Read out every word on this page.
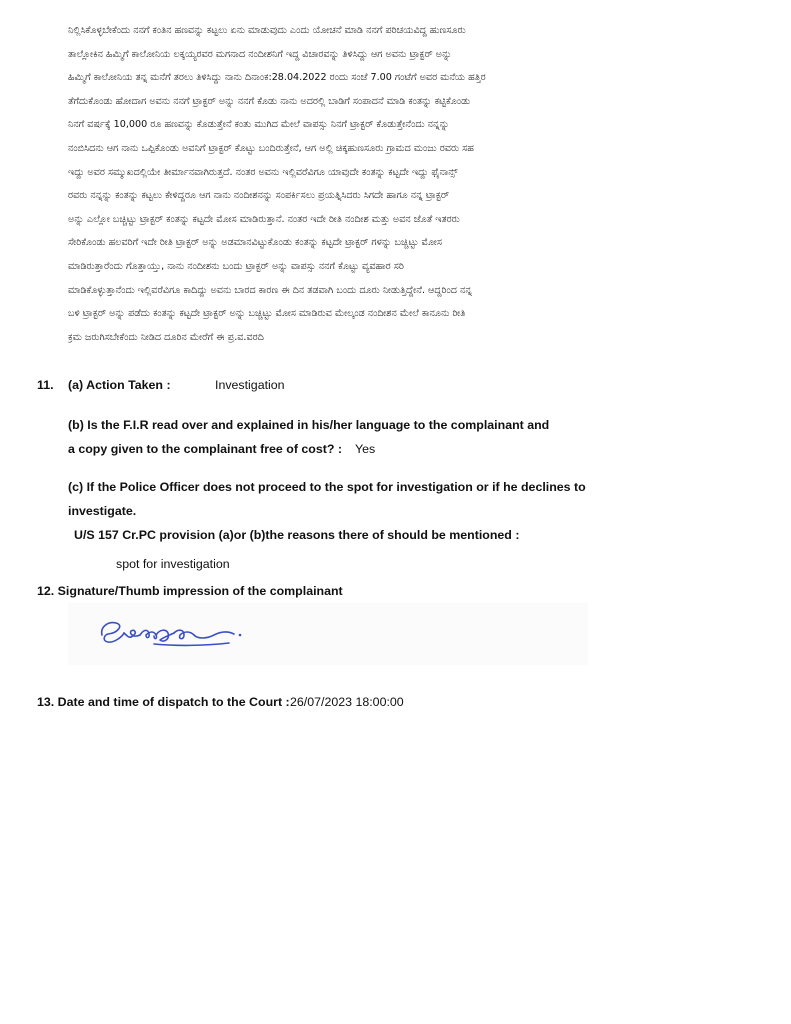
ನಿಲ್ಲಿಸಿಕೊಳ್ಳಬೇಕೆಂದು ನನಗೆ ಕಂತಿನ ಹಣವನ್ನು ಕಟ್ಟಲು ಏನು ಮಾಡುವುದು ಎಂದು ಯೋಚನೆ ಮಾಡಿ ನನಗೆ ಪರಿಚಯವಿದ್ದ ಹುಣಸೂರು
ತಾಲ್ಲೋಕಿನ ಹಿಮ್ಮಿಗೆ ಕಾಲೋನಿಯ ಲಕ್ಕಯ್ಯರವರ ಮಗನಾದ ನಂದೀಶನಿಗೆ ಇದ್ದ ವಿಚಾರವನ್ನು ತಿಳಿಸಿದ್ದು ಆಗ ಅವನು ಟ್ರಾಕ್ಟರ್ ಅನ್ನು
ಹಿಮ್ಮಿಗೆ ಕಾಲೋನಿಯ ತನ್ನ ಮನೆಗೆ ತರಲು ತಿಳಿಸಿದ್ದು ನಾನು ದಿನಾಂಕ:28.04.2022 ರಂದು ಸಂಜೆ 7.00 ಗಂಟೆಗೆ ಅವರ ಮನೆಯ ಹತ್ತಿರ
ತೆಗೆದುಕೊಂಡು ಹೋದಾಗ ಅವನು ನನಗೆ ಟ್ರಾಕ್ಟರ್ ಅನ್ನು ನನಗೆ ಕೊಡು ನಾನು ಅದರಲ್ಲಿ ಬಾಡಿಗೆ ಸಂಪಾದನೆ ಮಾಡಿ ಕಂತನ್ನು ಕಟ್ಟಿಕೊಂಡು
ನಿನಗೆ ವರ್ಷಕ್ಕೆ 10,000 ರೂ ಹಣವನ್ನು ಕೊಡುತ್ತೇನೆ ಕಂತು ಮುಗಿದ ಮೇಲೆ ವಾಪಸ್ಸು ನಿನಗೆ ಟ್ರಾಕ್ಟರ್ ಕೊಡುತ್ತೇನೆಂದು ನನ್ನನ್ನು
ನಂಬಿಸಿದನು ಆಗ ನಾನು ಒಪ್ಪಿಕೊಂಡು ಅವನಿಗೆ ಟ್ರಾಕ್ಟರ್ ಕೊಟ್ಟು ಬಂದಿರುತ್ತೇನೆ, ಆಗ ಅಲ್ಲಿ ಚಿಕ್ಕಹುಣಸೂರು ಗ್ರಾಮದ ಮಂಜು ರವರು ಸಹ
ಇದ್ದು ಅವರ ಸಮ್ಮುಖದಲ್ಲಿಯೇ ತೀರ್ಮಾನವಾಗಿರುತ್ತದೆ. ನಂತರ ಅವನು ಇಲ್ಲಿವರೆವಿಗೂ ಯಾವುದೇ ಕಂತನ್ನು ಕಟ್ಟದೇ ಇದ್ದು ಫೈನಾನ್ಸ್
ರವರು ನನ್ನನ್ನು ಕಂತನ್ನು ಕಟ್ಟಲು ಕೇಳಿದ್ದರೂ ಆಗ ನಾನು ನಂದೀಶನನ್ನು ಸಂಪರ್ಕಿಸಲು ಪ್ರಯತ್ನಿಸಿದರು ಸಿಗದೇ ಹಾಗೂ ನನ್ನ ಟ್ರಾಕ್ಟರ್
ಅನ್ನು ಎಲ್ಲೋ ಬಚ್ಚಿಟ್ಟು ಟ್ರಾಕ್ಟರ್ ಕಂತನ್ನು ಕಟ್ಟದೇ ಮೋಸ ಮಾಡಿರುತ್ತಾನೆ. ನಂತರ ಇದೇ ರೀತಿ ನಂದೀಶ ಮತ್ತು ಅವನ ಜೊತೆ ಇತರರು
ಸೇರಿಕೊಂಡು ಹಲವರಿಗೆ ಇದೇ ರೀತಿ ಟ್ರಾಕ್ಟರ್ ಅನ್ನು ಅಡಮಾನವಿಟ್ಟುಕೊಂಡು ಕಂತನ್ನು ಕಟ್ಟದೇ ಟ್ರಾಕ್ಟರ್ ಗಳನ್ನು ಬಚ್ಚಿಟ್ಟು ಮೋಸ
ಮಾಡಿರುತ್ತಾರೆಂದು ಗೊತ್ತಾಯ್ತು, ನಾನು ನಂದೀಶನು ಬಂದು ಟ್ರಾಕ್ಟರ್ ಅನ್ನು ವಾಪಸ್ಸು ನನಗೆ ಕೊಟ್ಟು ವ್ಯವಹಾರ ಸರಿ
ಮಾಡಿಕೊಳ್ಳುತ್ತಾನೆಂದು ಇಲ್ಲಿವರೆವಿಗೂ ಕಾದಿದ್ದು ಅವನು ಬಾರದ ಕಾರಣ ಈ ದಿನ ತಡವಾಗಿ ಬಂದು ದೂರು ನೀಡುತ್ತಿದ್ದೇನೆ. ಆದ್ದರಿಂದ ನನ್ನ
ಬಳಿ ಟ್ರಾಕ್ಟರ್ ಅನ್ನು ಪಡೆದು ಕಂತನ್ನು ಕಟ್ಟದೇ ಟ್ರಾಕ್ಟರ್ ಅನ್ನು ಬಚ್ಚಿಟ್ಟು ಮೋಸ ಮಾಡಿರುವ ಮೇಲ್ಕಂಡ ನಂದೀಶನ ಮೇಲೆ ಕಾನೂನು ರೀತಿ
ಕ್ರಮ ಜರುಗಿಸಬೇಕೆಂದು ನೀಡಿದ ದೂರಿನ ಮೇರೆಗೆ ಈ ಪ್ರ.ವ.ವರದಿ
11. (a) Action Taken :	Investigation
(b) Is the F.I.R read over and explained in his/her language to the complainant and
a copy given to the complainant free of cost? : Yes
(c) If the Police Officer does not proceed to the spot for investigation or if he declines to
investigate.
U/S 157 Cr.PC provision (a)or (b)the reasons there of should be mentioned :
spot for investigation
12. Signature/Thumb impression of the complainant
13. Date and time of dispatch to the Court : 26/07/2023 18:00:00
